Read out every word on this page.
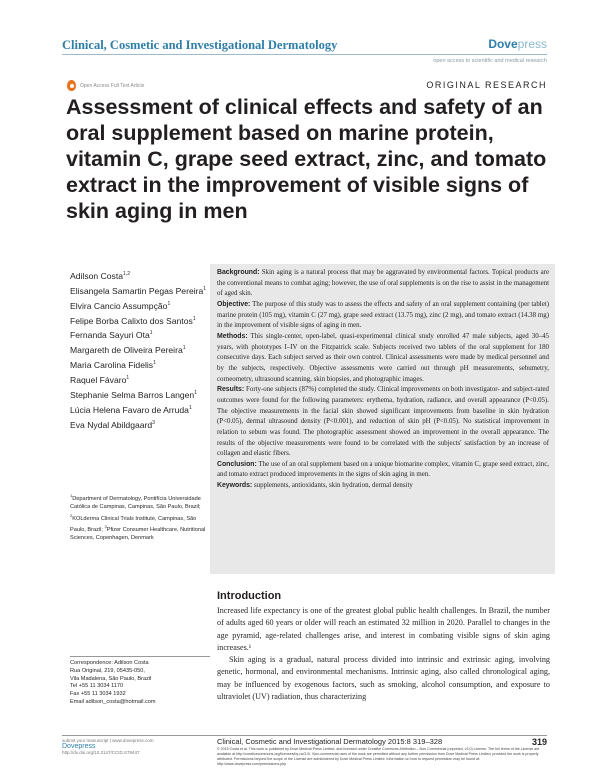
Clinical, Cosmetic and Investigational Dermatology	Dovepress
open access to scientific and medical research
Open Access Full Text Article	ORIGINAL RESEARCH
Assessment of clinical effects and safety of an oral supplement based on marine protein, vitamin C, grape seed extract, zinc, and tomato extract in the improvement of visible signs of skin aging in men
Adilson Costa$^{1,2}$
Elisangela Samartin Pegas Pereira$^1$
Elvira Cancio Assumpção$^1$
Felipe Borba Calixto dos Santos$^1$
Fernanda Sayuri Ota$^1$
Margareth de Oliveira Pereira$^1$
Maria Carolina Fidelis$^1$
Raquel Fávaro$^1$
Stephanie Selma Barros Langen$^1$
Lúcia Helena Favaro de Arruda$^1$
Eva Nydal Abildgaard$^3$
$^1$Department of Dermatology, Pontifícia Universidade Católica de Campinas, Campinas, São Paulo, Brazil; $^2$KOLderma Clinical Trials Institute, Campinas, São Paulo, Brazil; $^3$Pfizer Consumer Healthcare, Nutritional Sciences, Copenhagen, Denmark
Correspondence: Adilson Costa
Rua Original, 219, 05435-050,
Vila Madalena, São Paulo, Brazil
Tel +55 11 3034 1170
Fax +55 11 3034 1932
Email adilson_costa@hotmail.com

Background: Skin aging is a natural process that may be aggravated by environmental factors. Topical products are the conventional means to combat aging; however, the use of oral supplements is on the rise to assist in the management of aged skin.

Objective: The purpose of this study was to assess the effects and safety of an oral supplement containing (per tablet) marine protein (105 mg), vitamin C (27 mg), grape seed extract (13.75 mg), zinc (2 mg), and tomato extract (14.38 mg) in the improvement of visible signs of aging in men.

Methods: This single-center, open-label, quasi-experimental clinical study enrolled 47 male subjects, aged 30–45 years, with phototypes I–IV on the Fitzpatrick scale. Subjects received two tablets of the oral supplement for 180 consecutive days. Each subject served as their own control. Clinical assessments were made by medical personnel and by the subjects, respectively. Objective assessments were carried out through pH measurements, sebumetry, corneometry, ultrasound scanning, skin biopsies, and photographic images.

Results: Forty-one subjects (87%) completed the study. Clinical improvements on both investigator- and subject-rated outcomes were found for the following parameters: erythema, hydration, radiance, and overall appearance (P<0.05). The objective measurements in the facial skin showed significant improvements from baseline in skin hydration (P<0.05), dermal ultrasound density (P<0.001), and reduction of skin pH (P<0.05). No statistical improvement in relation to sebum was found. The photographic assessment showed an improvement in the overall appearance. The results of the objective measurements were found to be correlated with the subjects' satisfaction by an increase of collagen and elastic fibers.

Conclusion: The use of an oral supplement based on a unique biomarine complex, vitamin C, grape seed extract, zinc, and tomato extract produced improvements in the signs of skin aging in men.

Keywords: supplements, antioxidants, skin hydration, dermal density

Introduction

Increased life expectancy is one of the greatest global public health challenges. In Brazil, the number of adults aged 60 years or older will reach an estimated 32 million in 2020. Parallel to changes in the age pyramid, age-related challenges arise, and interest in combating visible signs of skin aging increases.¹

Skin aging is a gradual, natural process divided into intrinsic and extrinsic aging, involving genetic, hormonal, and environmental mechanisms. Intrinsic aging, also called chronological aging, may be influenced by exogenous factors, such as smoking, alcohol consumption, and exposure to ultraviolet (UV) radiation, thus characterizing

submit your manuscript | www.dovepress.com
Dovepress
http://dx.doi.org/10.2147/CCID.S79447
Clinical, Cosmetic and Investigational Dermatology 2015:8 319–328	319
© 2015 Costa et al. This work is published by Dove Medical Press Limited, and licensed under Creative Commons Attribution – Non Commercial (unported, v3.0) License. The full terms of the License are available at http://creativecommons.org/licenses/by-nc/3.0/. Non-commercial uses of the work are permitted without any further permission from Dove Medical Press Limited, provided the work is properly attributed. Permissions beyond the scope of the License are administered by Dove Medical Press Limited. Information on how to request permission may be found at: http://www.dovepress.com/permissions.php
